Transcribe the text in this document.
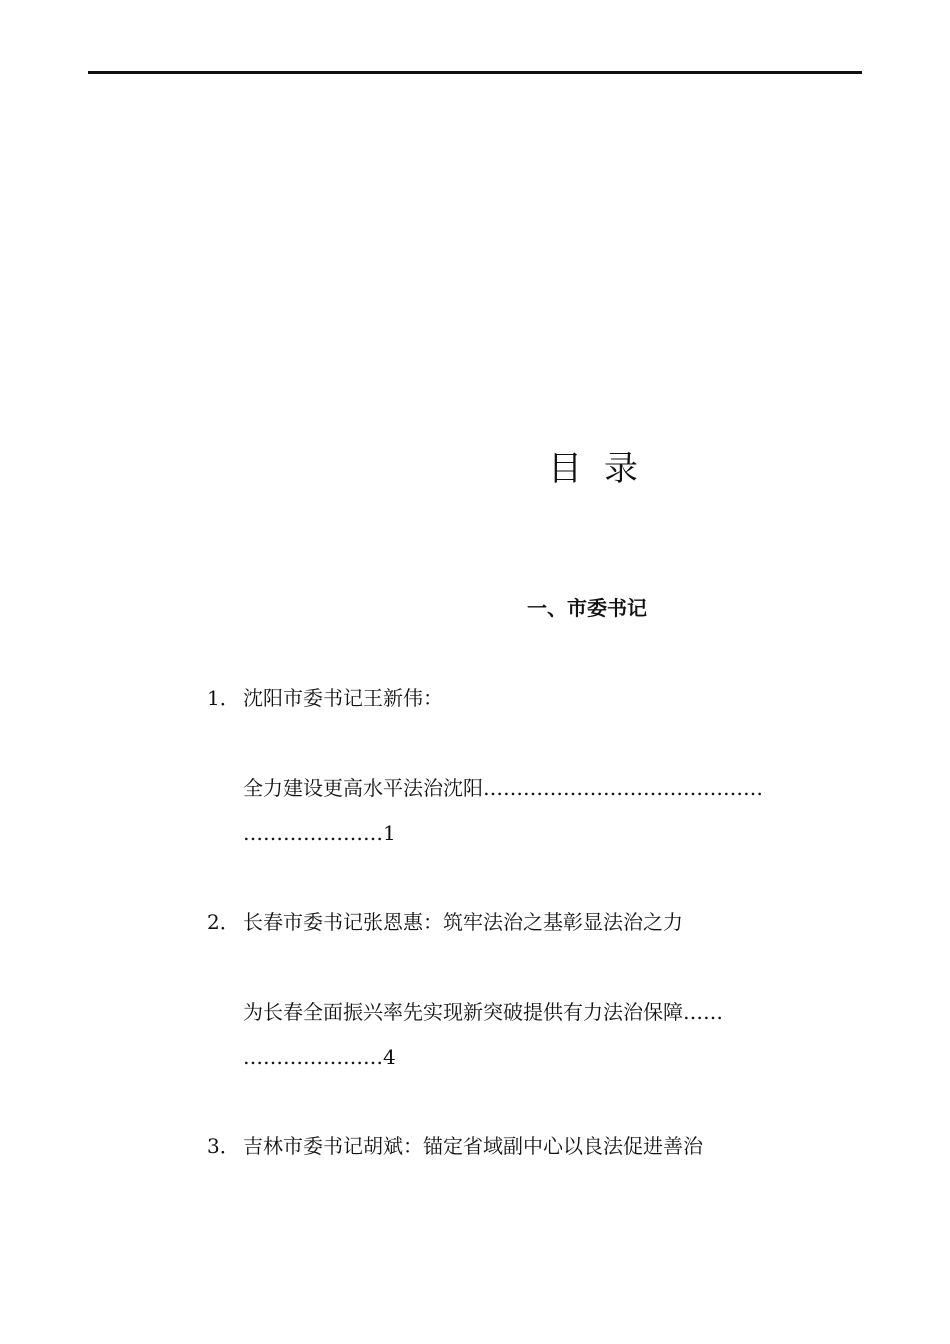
目录
一、市委书记
1． 沈阳市委书记王新伟：
全力建设更高水平法治沈阳……………………………………
…………………1
2． 长春市委书记张恩惠：筑牢法治之基彰显法治之力
为长春全面振兴率先实现新突破提供有力法治保障……
…………………4
3． 吉林市委书记胡斌：锚定省域副中心以良法促进善治
